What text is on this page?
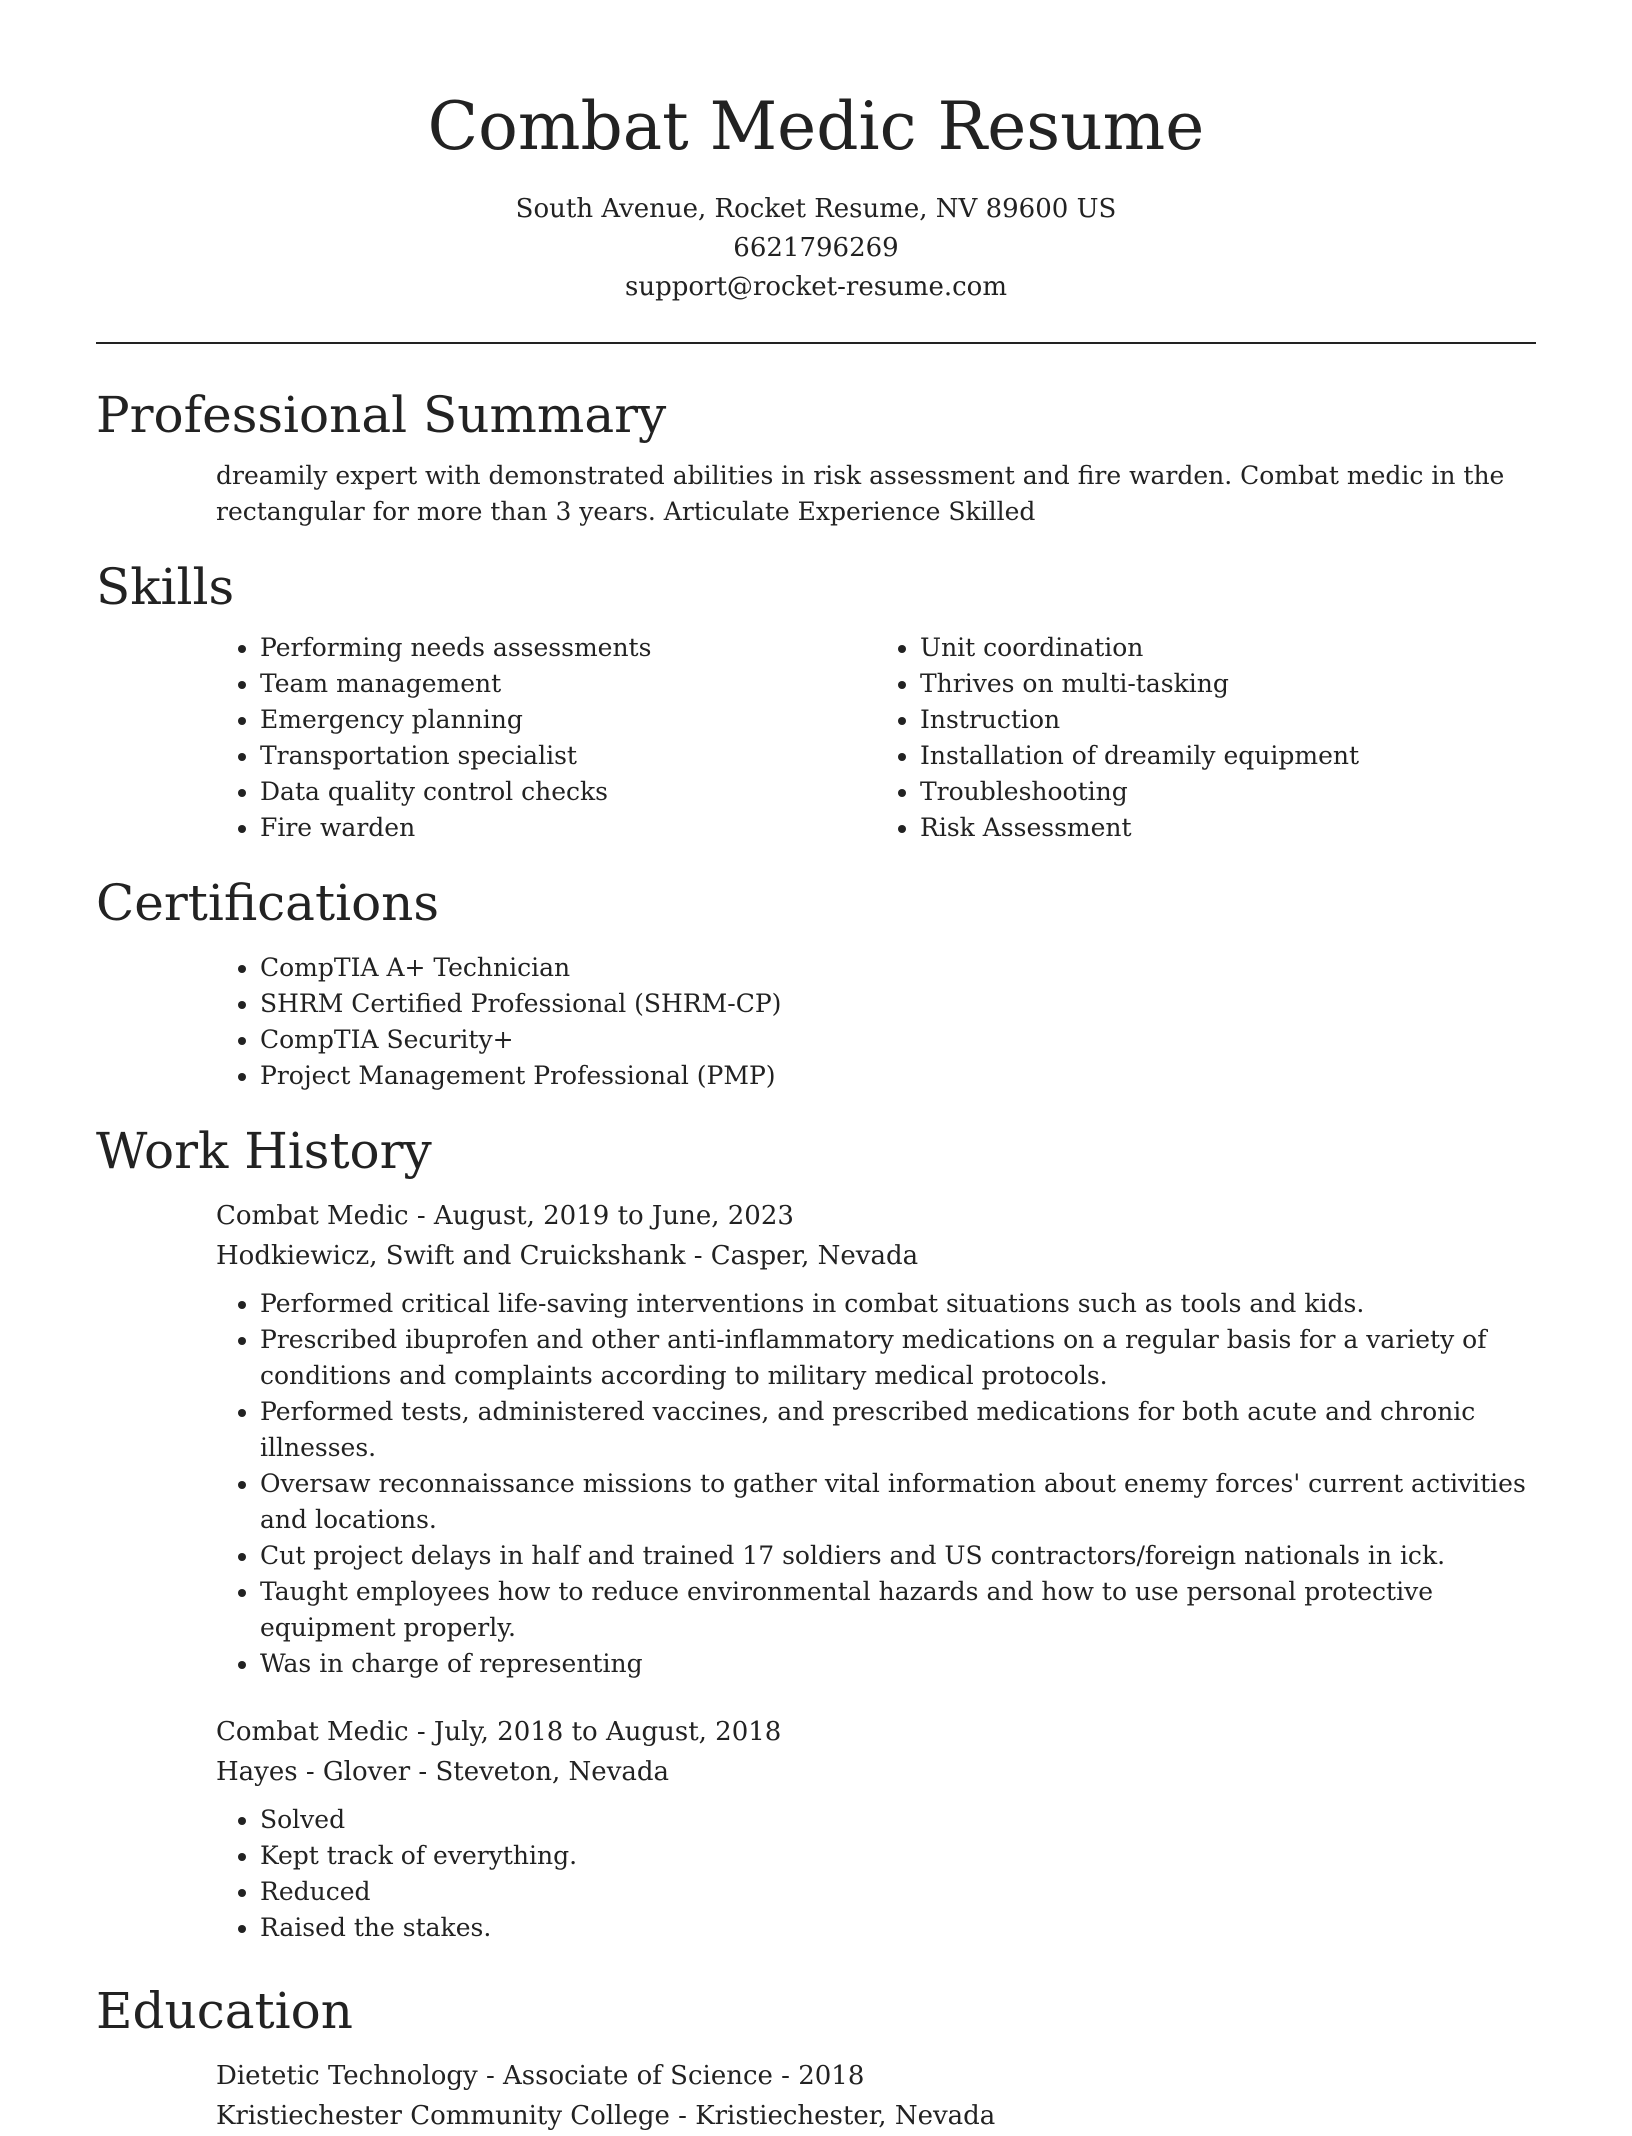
Combat Medic Resume
South Avenue, Rocket Resume, NV 89600 US
6621796269
support@rocket-resume.com
Professional Summary
dreamily expert with demonstrated abilities in risk assessment and fire warden. Combat medic in the rectangular for more than 3 years. Articulate Experience Skilled
Skills
• Performing needs assessments
• Team management
• Emergency planning
• Transportation specialist
• Data quality control checks
• Fire warden
• Unit coordination
• Thrives on multi-tasking
• Instruction
• Installation of dreamily equipment
• Troubleshooting
• Risk Assessment
Certifications
• CompTIA A+ Technician
• SHRM Certified Professional (SHRM-CP)
• CompTIA Security+
• Project Management Professional (PMP)
Work History
Combat Medic - August, 2019 to June, 2023
Hodkiewicz, Swift and Cruickshank - Casper, Nevada
• Performed critical life-saving interventions in combat situations such as tools and kids.
• Prescribed ibuprofen and other anti-inflammatory medications on a regular basis for a variety of conditions and complaints according to military medical protocols.
• Performed tests, administered vaccines, and prescribed medications for both acute and chronic illnesses.
• Oversaw reconnaissance missions to gather vital information about enemy forces' current activities and locations.
• Cut project delays in half and trained 17 soldiers and US contractors/foreign nationals in ick.
• Taught employees how to reduce environmental hazards and how to use personal protective equipment properly.
• Was in charge of representing
Combat Medic - July, 2018 to August, 2018
Hayes - Glover - Steveton, Nevada
• Solved
• Kept track of everything.
• Reduced
• Raised the stakes.
Education
Dietetic Technology - Associate of Science - 2018
Kristiechester Community College - Kristiechester, Nevada
